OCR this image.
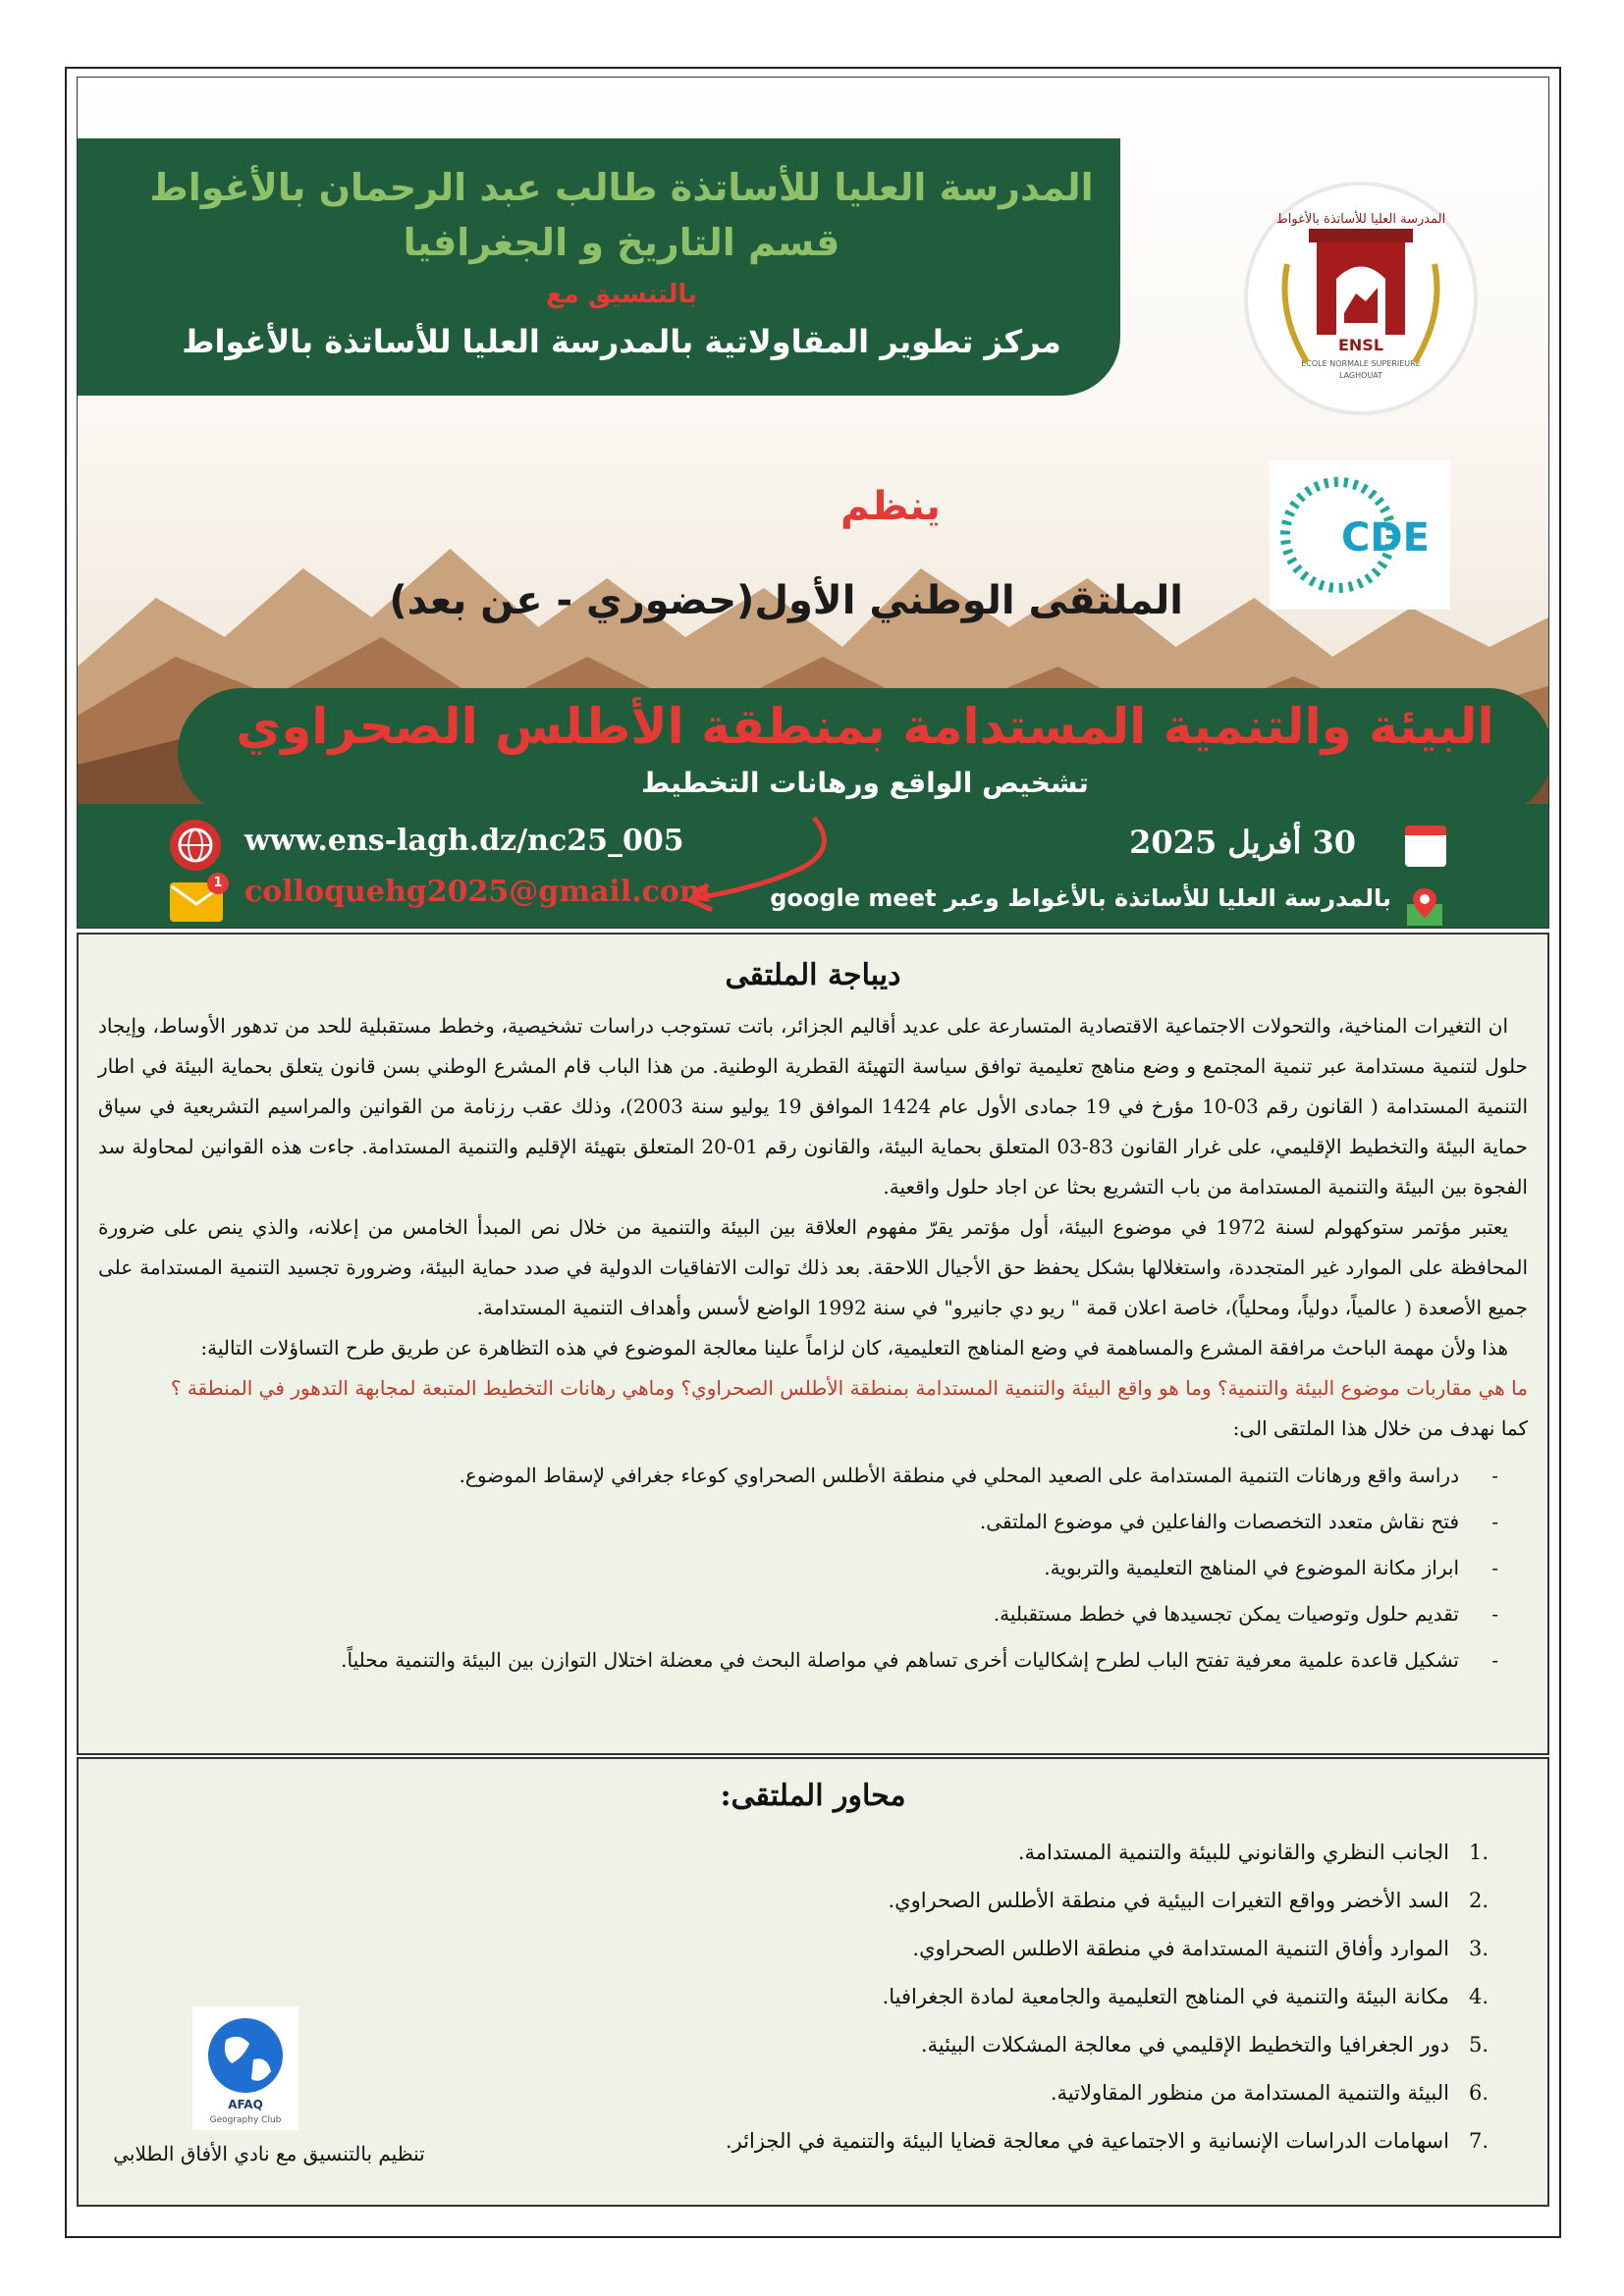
المدرسة العليا للأساتذة طالب عبد الرحمان بالأغواط
قسم التاريخ و الجغرافيا
بالتنسيق مع
مركز تطوير المقاولاتية بالمدرسة العليا للأساتذة بالأغواط
المدرسة العليا للأساتذة بالأغواط
ENSL
ECOLE NORMALE SUPERIEURE
LAGHOUAT
CDE
ينظم
الملتقى الوطني الأول(حضوري - عن بعد)
البيئة والتنمية المستدامة بمنطقة الأطلس الصحراوي
تشخيص الواقع ورهانات التخطيط
www.ens-lagh.dz/nc25_005
1 colloquehg2025@gmail.com
30 أفريل 2025
بالمدرسة العليا للأساتذة بالأغواط وعبر google meet
ديباجة الملتقى

ان التغيرات المناخية، والتحولات الاجتماعية الاقتصادية المتسارعة على عديد أقاليم الجزائر، باتت تستوجب دراسات تشخيصية، وخطط مستقبلية للحد من تدهور الأوساط، وإيجاد حلول لتنمية مستدامة عبر تنمية المجتمع و وضع مناهج تعليمية توافق سياسة التهيئة القطرية الوطنية. من هذا الباب قام المشرع الوطني بسن قانون يتعلق بحماية البيئة في اطار التنمية المستدامة ( القانون رقم 03-10 مؤرخ في 19 جمادى الأول عام 1424 الموافق 19 يوليو سنة 2003)، وذلك عقب رزنامة من القوانين والمراسيم التشريعية في سياق حماية البيئة والتخطيط الإقليمي، على غرار القانون 83-03 المتعلق بحماية البيئة، والقانون رقم 01-20 المتعلق بتهيئة الإقليم والتنمية المستدامة. جاءت هذه القوانين لمحاولة سد الفجوة بين البيئة والتنمية المستدامة من باب التشريع بحثا عن اجاد حلول واقعية.

يعتبر مؤتمر ستوكهولم لسنة 1972 في موضوع البيئة، أول مؤتمر يقرّ مفهوم العلاقة بين البيئة والتنمية من خلال نص المبدأ الخامس من إعلانه، والذي ينص على ضرورة المحافظة على الموارد غير المتجددة، واستغلالها بشكل يحفظ حق الأجيال اللاحقة. بعد ذلك توالت الاتفاقيات الدولية في صدد حماية البيئة، وضرورة تجسيد التنمية المستدامة على جميع الأصعدة ( عالمياً، دولياً، ومحلياً)، خاصة اعلان قمة " ريو دي جانيرو" في سنة 1992 الواضع لأسس وأهداف التنمية المستدامة.

هذا ولأن مهمة الباحث مرافقة المشرع والمساهمة في وضع المناهج التعليمية، كان لزاماً علينا معالجة الموضوع في هذه التظاهرة عن طريق طرح التساؤلات التالية:

ما هي مقاربات موضوع البيئة والتنمية؟ وما هو واقع البيئة والتنمية المستدامة بمنطقة الأطلس الصحراوي؟ وماهي رهانات التخطيط المتبعة لمجابهة التدهور في المنطقة ؟

كما نهدف من خلال هذا الملتقى الى:

-
دراسة واقع ورهانات التنمية المستدامة على الصعيد المحلي في منطقة الأطلس الصحراوي كوعاء جغرافي لإسقاط الموضوع.
-
فتح نقاش متعدد التخصصات والفاعلين في موضوع الملتقى.
-
ابراز مكانة الموضوع في المناهج التعليمية والتربوية.
-
تقديم حلول وتوصيات يمكن تجسيدها في خطط مستقبلية.
-
تشكيل قاعدة علمية معرفية تفتح الباب لطرح إشكاليات أخرى تساهم في مواصلة البحث في معضلة اختلال التوازن بين البيئة والتنمية محلياً.
محاور الملتقى:
.1الجانب النظري والقانوني للبيئة والتنمية المستدامة.
.2السد الأخضر وواقع التغيرات البيئية في منطقة الأطلس الصحراوي.
.3الموارد وأفاق التنمية المستدامة في منطقة الاطلس الصحراوي.
.4مكانة البيئة والتنمية في المناهج التعليمية والجامعية لمادة الجغرافيا.
.5دور الجغرافيا والتخطيط الإقليمي في معالجة المشكلات البيئية.
.6البيئة والتنمية المستدامة من منظور المقاولاتية.
.7اسهامات الدراسات الإنسانية و الاجتماعية في معالجة قضايا البيئة والتنمية في الجزائر.
AFAQ
Geography Club
تنظيم بالتنسيق مع نادي الأفاق الطلابي
